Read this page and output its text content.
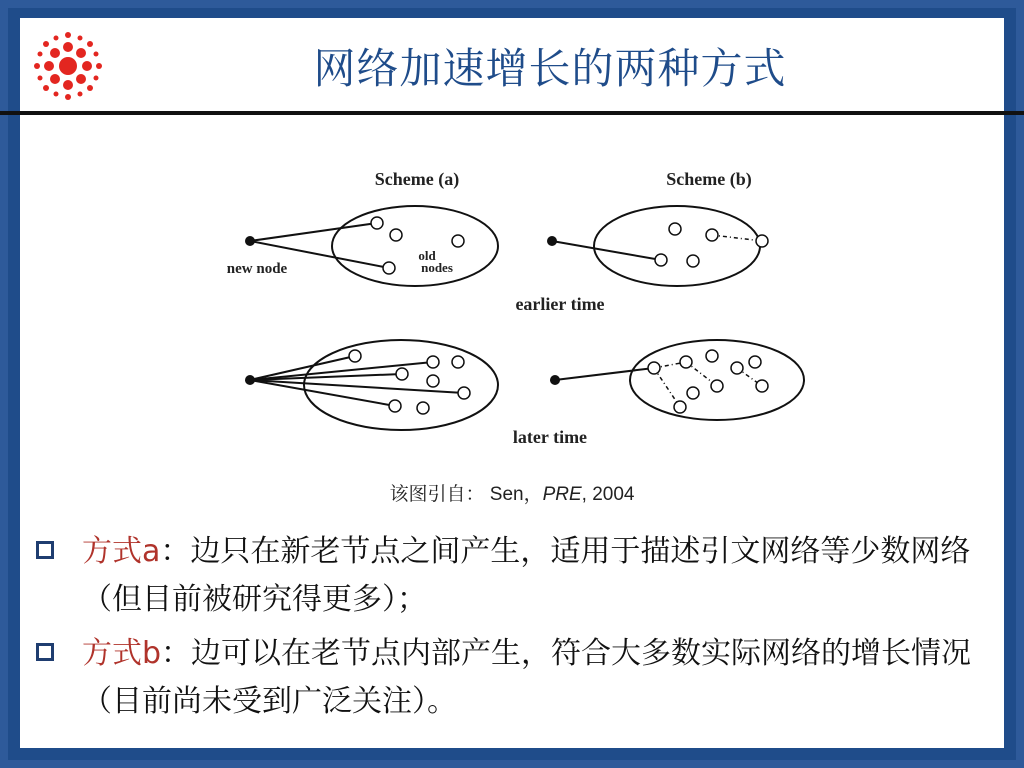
网络加速增长的两种方式
Scheme (a)	Scheme (b)
new node
old
nodes
earlier time
later time
该图引自： Sen，PRE, 2004
方式a：边只在新老节点之间产生，适用于描述引文网络等少数网络（但目前被研究得更多）；
方式b：边可以在老节点内部产生，符合大多数实际网络的增长情况（目前尚未受到广泛关注）。
